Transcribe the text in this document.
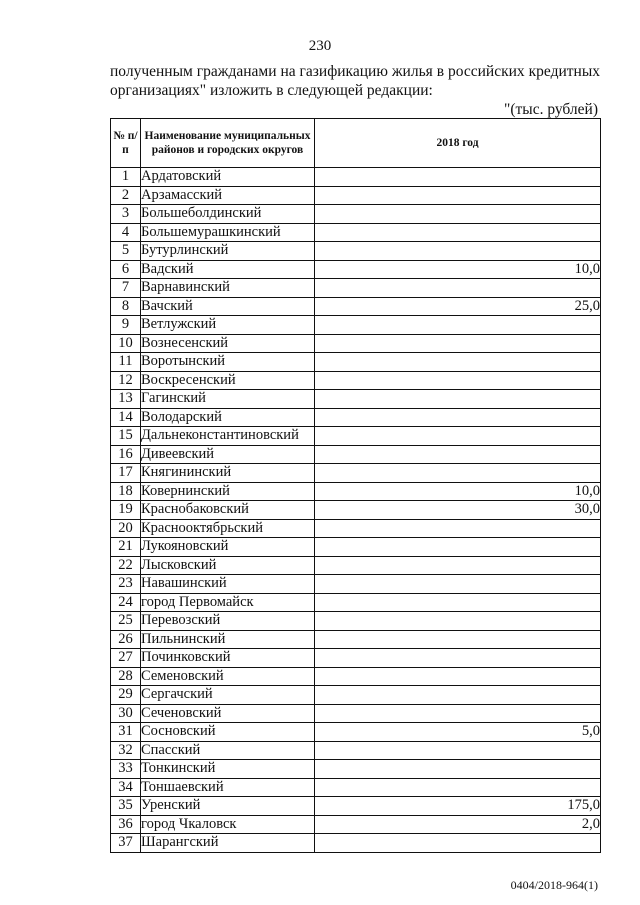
230
полученным гражданами на газификацию жилья в российских кредитных организациях" изложить в следующей редакции:
"(тыс. рублей)
№ п/п	Наименование муниципальных районов и городских округов	2018 год
1	Ардатовский	
2	Арзамасский	
3	Большеболдинский	
4	Большемурашкинский	
5	Бутурлинский	
6	Вадский	10,0
7	Варнавинский	
8	Вачский	25,0
9	Ветлужский	
10	Вознесенский	
11	Воротынский	
12	Воскресенский	
13	Гагинский	
14	Володарский	
15	Дальнеконстантиновский	
16	Дивеевский	
17	Княгининский	
18	Ковернинский	10,0
19	Краснобаковский	30,0
20	Краснооктябрьский	
21	Лукояновский	
22	Лысковский	
23	Навашинский	
24	город Первомайск	
25	Перевозский	
26	Пильнинский	
27	Починковский	
28	Семеновский	
29	Сергачский	
30	Сеченовский	
31	Сосновский	5,0
32	Спасский	
33	Тонкинский	
34	Тоншаевский	
35	Уренский	175,0
36	город Чкаловск	2,0
37	Шарангский	
0404/2018-964(1)
